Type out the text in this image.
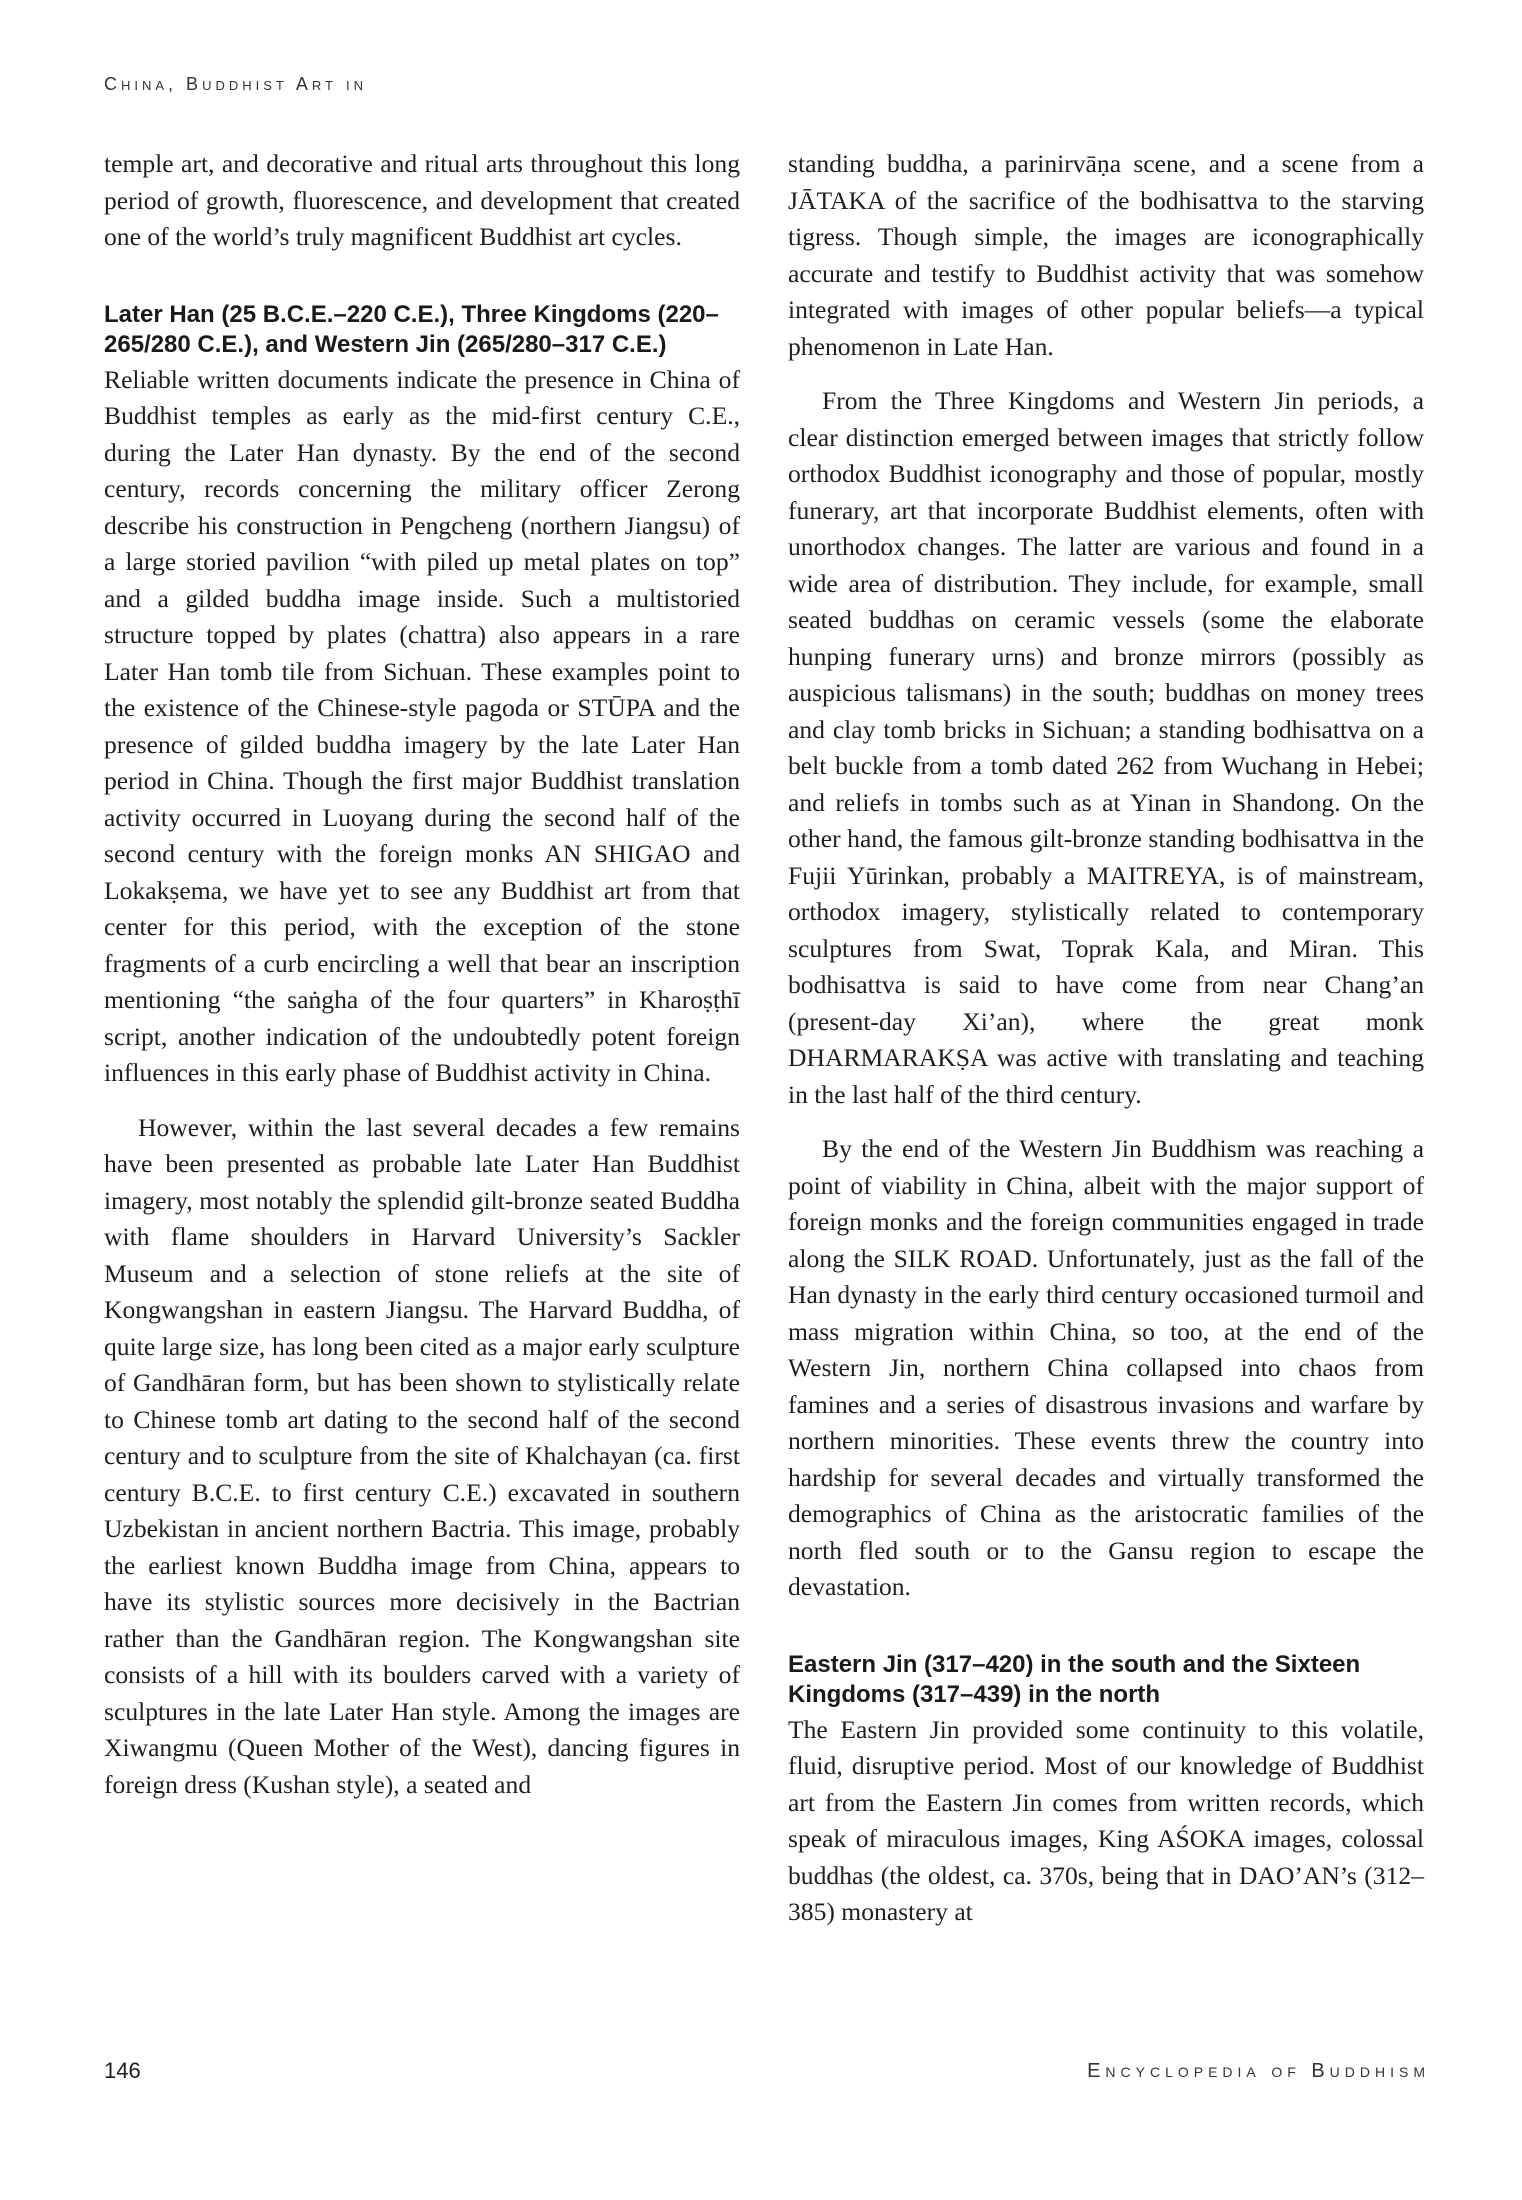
China, Buddhist Art in

temple art, and decorative and ritual arts throughout this long period of growth, fluorescence, and development that created one of the world’s truly magnificent Buddhist art cycles.

Later Han (25 B.C.E.–220 C.E.), Three Kingdoms (220–265/280 C.E.), and Western Jin (265/280–317 C.E.)

Reliable written documents indicate the presence in China of Buddhist temples as early as the mid-first century C.E., during the Later Han dynasty. By the end of the second century, records concerning the military officer Zerong describe his construction in Pengcheng (northern Jiangsu) of a large storied pavilion “with piled up metal plates on top” and a gilded buddha image inside. Such a multistoried structure topped by plates (chattra) also appears in a rare Later Han tomb tile from Sichuan. These examples point to the existence of the Chinese-style pagoda or STŪPA and the presence of gilded buddha imagery by the late Later Han period in China. Though the first major Buddhist translation activity occurred in Luoyang during the second half of the second century with the foreign monks AN SHIGAO and Lokakṣema, we have yet to see any Buddhist art from that center for this period, with the exception of the stone fragments of a curb encircling a well that bear an inscription mentioning “the saṅgha of the four quarters” in Kharoṣṭhī script, another indication of the undoubtedly potent foreign influences in this early phase of Buddhist activity in China.

However, within the last several decades a few remains have been presented as probable late Later Han Buddhist imagery, most notably the splendid gilt-bronze seated Buddha with flame shoulders in Harvard University’s Sackler Museum and a selection of stone reliefs at the site of Kongwangshan in eastern Jiangsu. The Harvard Buddha, of quite large size, has long been cited as a major early sculpture of Gandhāran form, but has been shown to stylistically relate to Chinese tomb art dating to the second half of the second century and to sculpture from the site of Khalchayan (ca. first century B.C.E. to first century C.E.) excavated in southern Uzbekistan in ancient northern Bactria. This image, probably the earliest known Buddha image from China, appears to have its stylistic sources more decisively in the Bactrian rather than the Gandhāran region. The Kongwangshan site consists of a hill with its boulders carved with a variety of sculptures in the late Later Han style. Among the images are Xiwangmu (Queen Mother of the West), dancing figures in foreign dress (Kushan style), a seated and

standing buddha, a parinirvāṇa scene, and a scene from a JĀTAKA of the sacrifice of the bodhisattva to the starving tigress. Though simple, the images are iconographically accurate and testify to Buddhist activity that was somehow integrated with images of other popular beliefs—a typical phenomenon in Late Han.

From the Three Kingdoms and Western Jin periods, a clear distinction emerged between images that strictly follow orthodox Buddhist iconography and those of popular, mostly funerary, art that incorporate Buddhist elements, often with unorthodox changes. The latter are various and found in a wide area of distribution. They include, for example, small seated buddhas on ceramic vessels (some the elaborate hunping funerary urns) and bronze mirrors (possibly as auspicious talismans) in the south; buddhas on money trees and clay tomb bricks in Sichuan; a standing bodhisattva on a belt buckle from a tomb dated 262 from Wuchang in Hebei; and reliefs in tombs such as at Yinan in Shandong. On the other hand, the famous gilt-bronze standing bodhisattva in the Fujii Yūrinkan, probably a MAITREYA, is of mainstream, orthodox imagery, stylistically related to contemporary sculptures from Swat, Toprak Kala, and Miran. This bodhisattva is said to have come from near Chang’an (present-day Xi’an), where the great monk DHARMARAKṢA was active with translating and teaching in the last half of the third century.

By the end of the Western Jin Buddhism was reaching a point of viability in China, albeit with the major support of foreign monks and the foreign communities engaged in trade along the SILK ROAD. Unfortunately, just as the fall of the Han dynasty in the early third century occasioned turmoil and mass migration within China, so too, at the end of the Western Jin, northern China collapsed into chaos from famines and a series of disastrous invasions and warfare by northern minorities. These events threw the country into hardship for several decades and virtually transformed the demographics of China as the aristocratic families of the north fled south or to the Gansu region to escape the devastation.

Eastern Jin (317–420) in the south and the Sixteen Kingdoms (317–439) in the north

The Eastern Jin provided some continuity to this volatile, fluid, disruptive period. Most of our knowledge of Buddhist art from the Eastern Jin comes from written records, which speak of miraculous images, King AŚOKA images, colossal buddhas (the oldest, ca. 370s, being that in DAO’AN’s (312–385) monastery at

146	Encyclopedia of Buddhism
